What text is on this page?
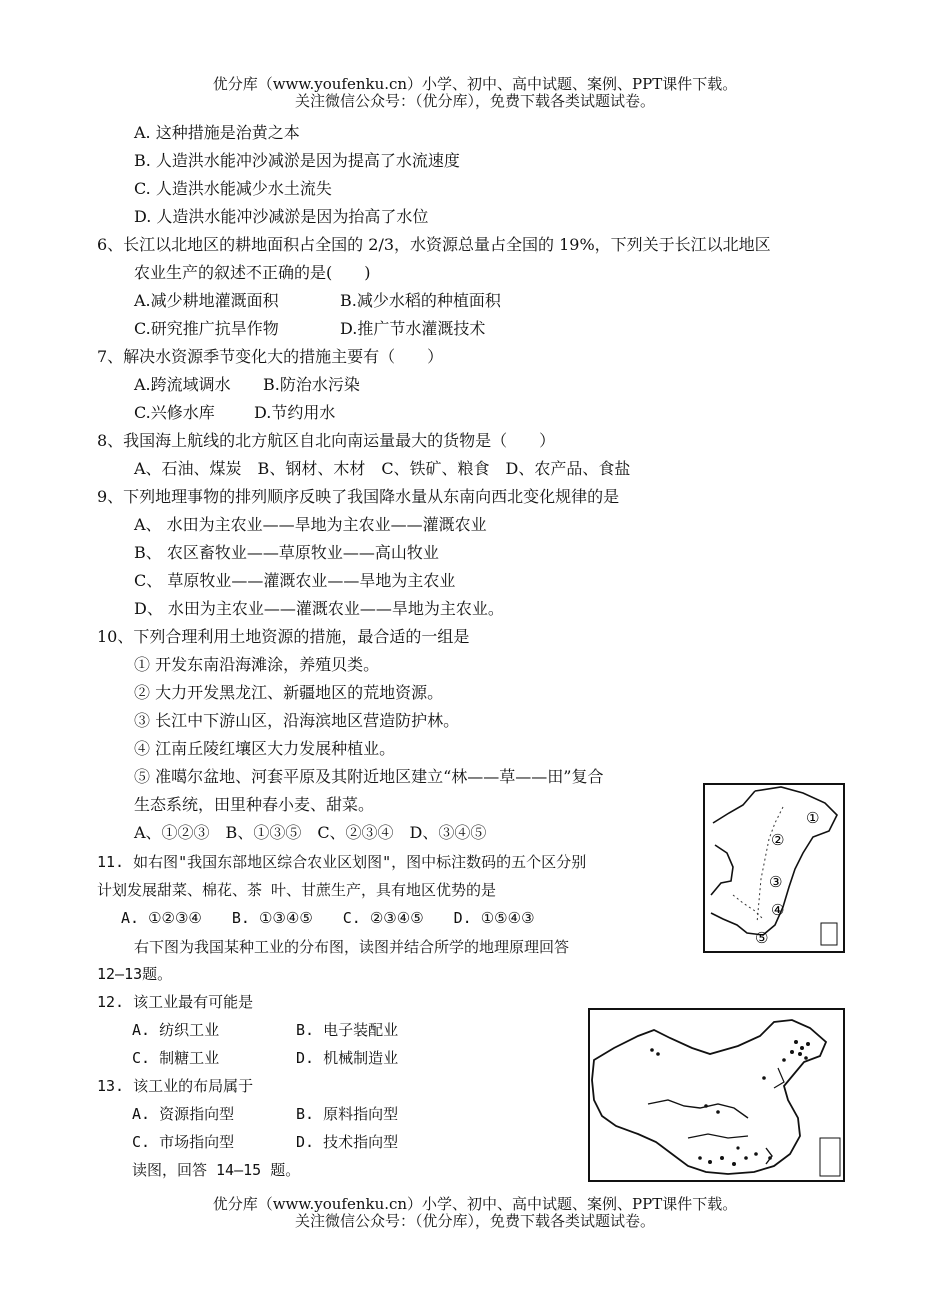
优分库（www.youfenku.cn）小学、初中、高中试题、案例、PPT课件下载。
关注微信公众号：（优分库），免费下载各类试题试卷。
A. 这种措施是治黄之本
B. 人造洪水能冲沙减淤是因为提高了水流速度
C. 人造洪水能减少水土流失
D. 人造洪水能冲沙减淤是因为抬高了水位
6、长江以北地区的耕地面积占全国的 2/3，水资源总量占全国的 19%，下列关于长江以北地区
农业生产的叙述不正确的是(　　)
A.减少耕地灌溉面积	B.减少水稻的种植面积
C.研究推广抗旱作物	D.推广节水灌溉技术
7、解决水资源季节变化大的措施主要有（　　）
A.跨流域调水 B.防治水污染
C.兴修水库 D.节约用水
8、我国海上航线的北方航区自北向南运量最大的货物是（　　）
A、石油、煤炭　B、钢材、木材　C、铁矿、粮食　D、农产品、食盐
9、下列地理事物的排列顺序反映了我国降水量从东南向西北变化规律的是
A、 水田为主农业——旱地为主农业——灌溉农业
B、 农区畜牧业——草原牧业——高山牧业
C、 草原牧业——灌溉农业——旱地为主农业
D、 水田为主农业——灌溉农业——旱地为主农业。
10、下列合理利用土地资源的措施，最合适的一组是
① 开发东南沿海滩涂，养殖贝类。
② 大力开发黑龙江、新疆地区的荒地资源。
③ 长江中下游山区，沿海滨地区营造防护林。
④ 江南丘陵红壤区大力发展种植业。
⑤ 准噶尔盆地、河套平原及其附近地区建立“林——草——田”复合
生态系统，田里种春小麦、甜菜。
A、①②③　B、①③⑤　C、②③④　D、③④⑤
11. 如右图"我国东部地区综合农业区划图"，图中标注数码的五个区分别
计划发展甜菜、棉花、茶 叶、甘蔗生产，具有地区优势的是
A. ①②③④　　B. ①③④⑤　　C. ②③④⑤　　D. ①⑤④③
右下图为我国某种工业的分布图，读图并结合所学的地理原理回答
12—13题。
12. 该工业最有可能是
A. 纺织工业	B. 电子装配业
C. 制糖工业	D. 机械制造业
13. 该工业的布局属于
A. 资源指向型	B. 原料指向型
C. 市场指向型	D. 技术指向型
读图，回答 14—15 题。
①
②
③
④
⑤
优分库（www.youfenku.cn）小学、初中、高中试题、案例、PPT课件下载。
关注微信公众号：（优分库），免费下载各类试题试卷。
